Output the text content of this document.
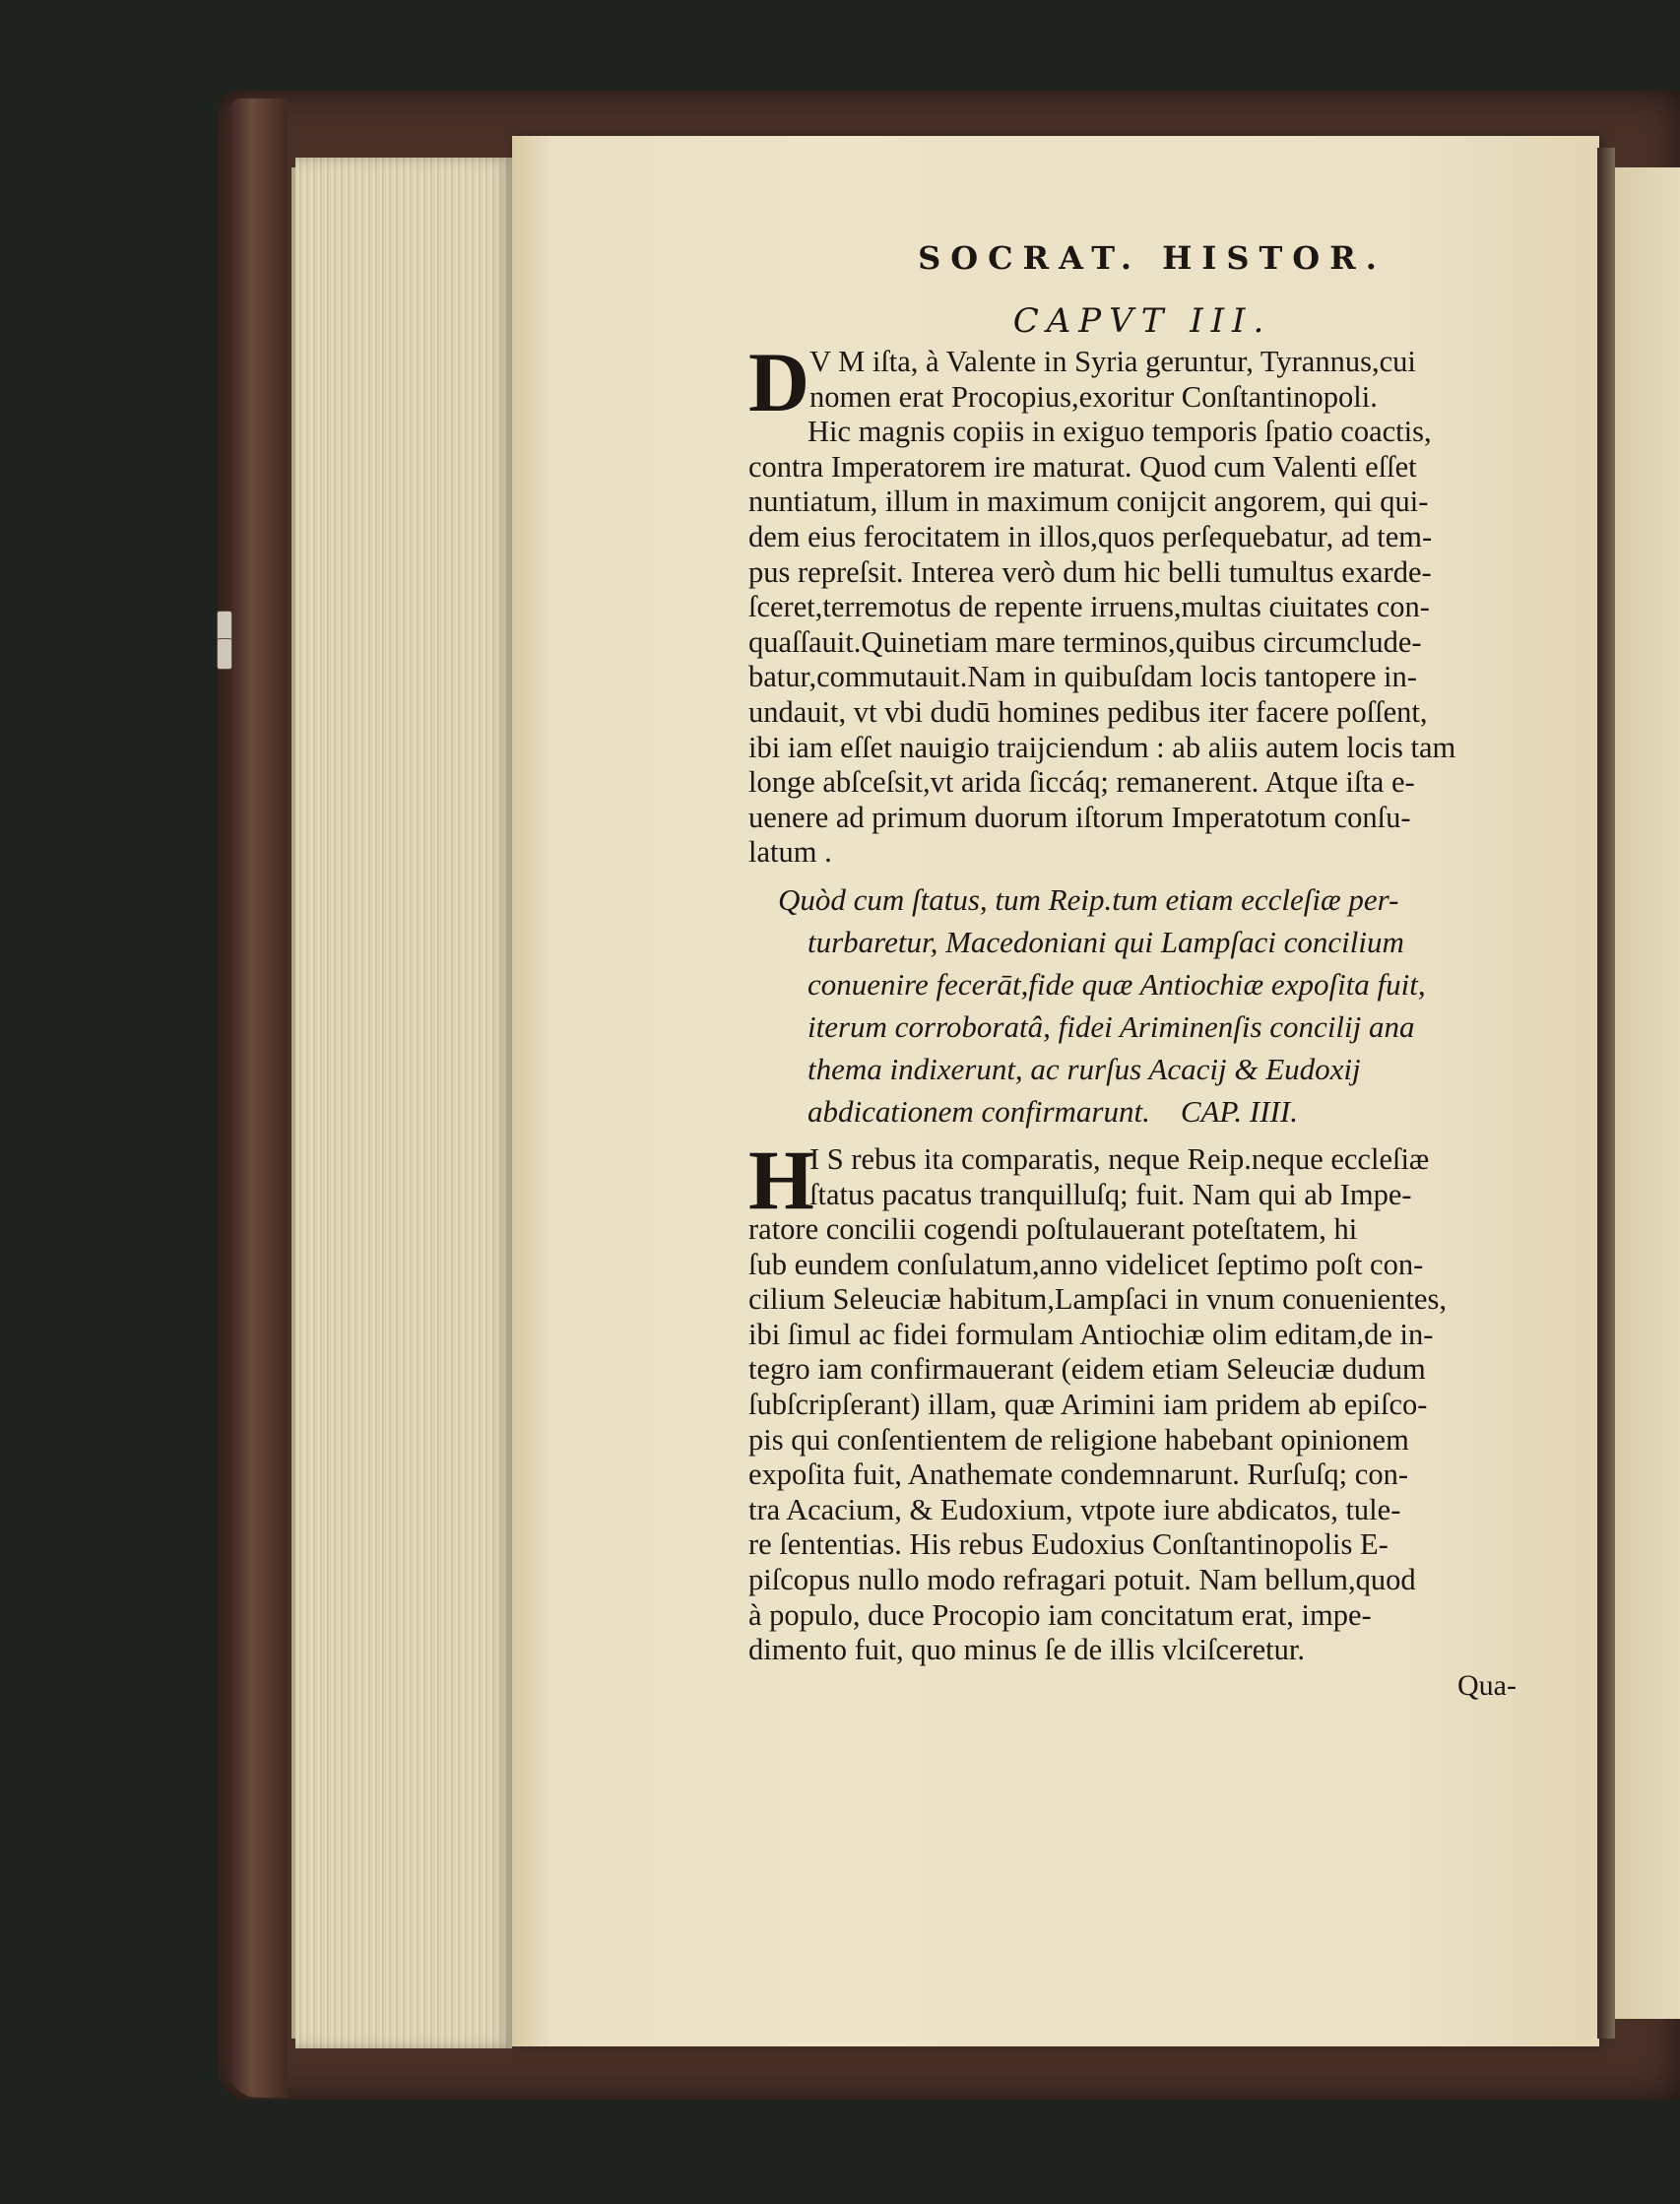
SOCRAT. HISTOR.
CAPVT III.
D V M iſta, à Valente in Syria geruntur, Tyrannus,cui
nomen erat Procopius,exoritur Conſtantinopoli.
Hic magnis copiis in exiguo temporis ſpatio coactis,
contra Imperatorem ire maturat. Quod cum Valenti eſſet
nuntiatum, illum in maximum conijcit angorem, qui qui-
dem eius ferocitatem in illos,quos perſequebatur, ad tem-
pus repreſsit. Interea verò dum hic belli tumultus exarde-
ſceret,terremotus de repente irruens,multas ciuitates con-
quaſſauit.Quinetiam mare terminos,quibus circumclude-
batur,commutauit.Nam in quibuſdam locis tantopere in-
undauit, vt vbi dudū homines pedibus iter facere poſſent,
ibi iam eſſet nauigio traijciendum : ab aliis autem locis tam
longe abſceſsit,vt arida ſiccáq; remanerent. Atque iſta e-
uenere ad primum duorum iſtorum Imperatotum conſu-
latum .
Quòd cum ſtatus, tum Reip.tum etiam eccleſiæ per-
turbaretur, Macedoniani qui Lampſaci concilium
conuenire fecerāt,fide quæ Antiochiæ expoſita fuit,
iterum corroboratâ, fidei Ariminenſis concilij ana
thema indixerunt, ac rurſus Acacij & Eudoxij
abdicationem confirmarunt.    CAP. IIII.
H
I S rebus ita comparatis, neque Reip.neque eccleſiæ
ſtatus pacatus tranquilluſq; fuit. Nam qui ab Impe-
ratore concilii cogendi poſtulauerant poteſtatem, hi
ſub eundem conſulatum,anno videlicet ſeptimo poſt con-
cilium Seleuciæ habitum,Lampſaci in vnum conuenientes,
ibi ſimul ac fidei formulam Antiochiæ olim editam,de in-
tegro iam confirmauerant (eidem etiam Seleuciæ dudum
ſubſcripſerant) illam, quæ Arimini iam pridem ab epiſco-
pis qui conſentientem de religione habebant opinionem
expoſita fuit, Anathemate condemnarunt. Rurſuſq; con-
tra Acacium, & Eudoxium, vtpote iure abdicatos, tule-
re ſententias. His rebus Eudoxius Conſtantinopolis E-
piſcopus nullo modo refragari potuit. Nam bellum,quod
à populo, duce Procopio iam concitatum erat, impe-
dimento fuit, quo minus ſe de illis vlciſceretur.
Qua-
